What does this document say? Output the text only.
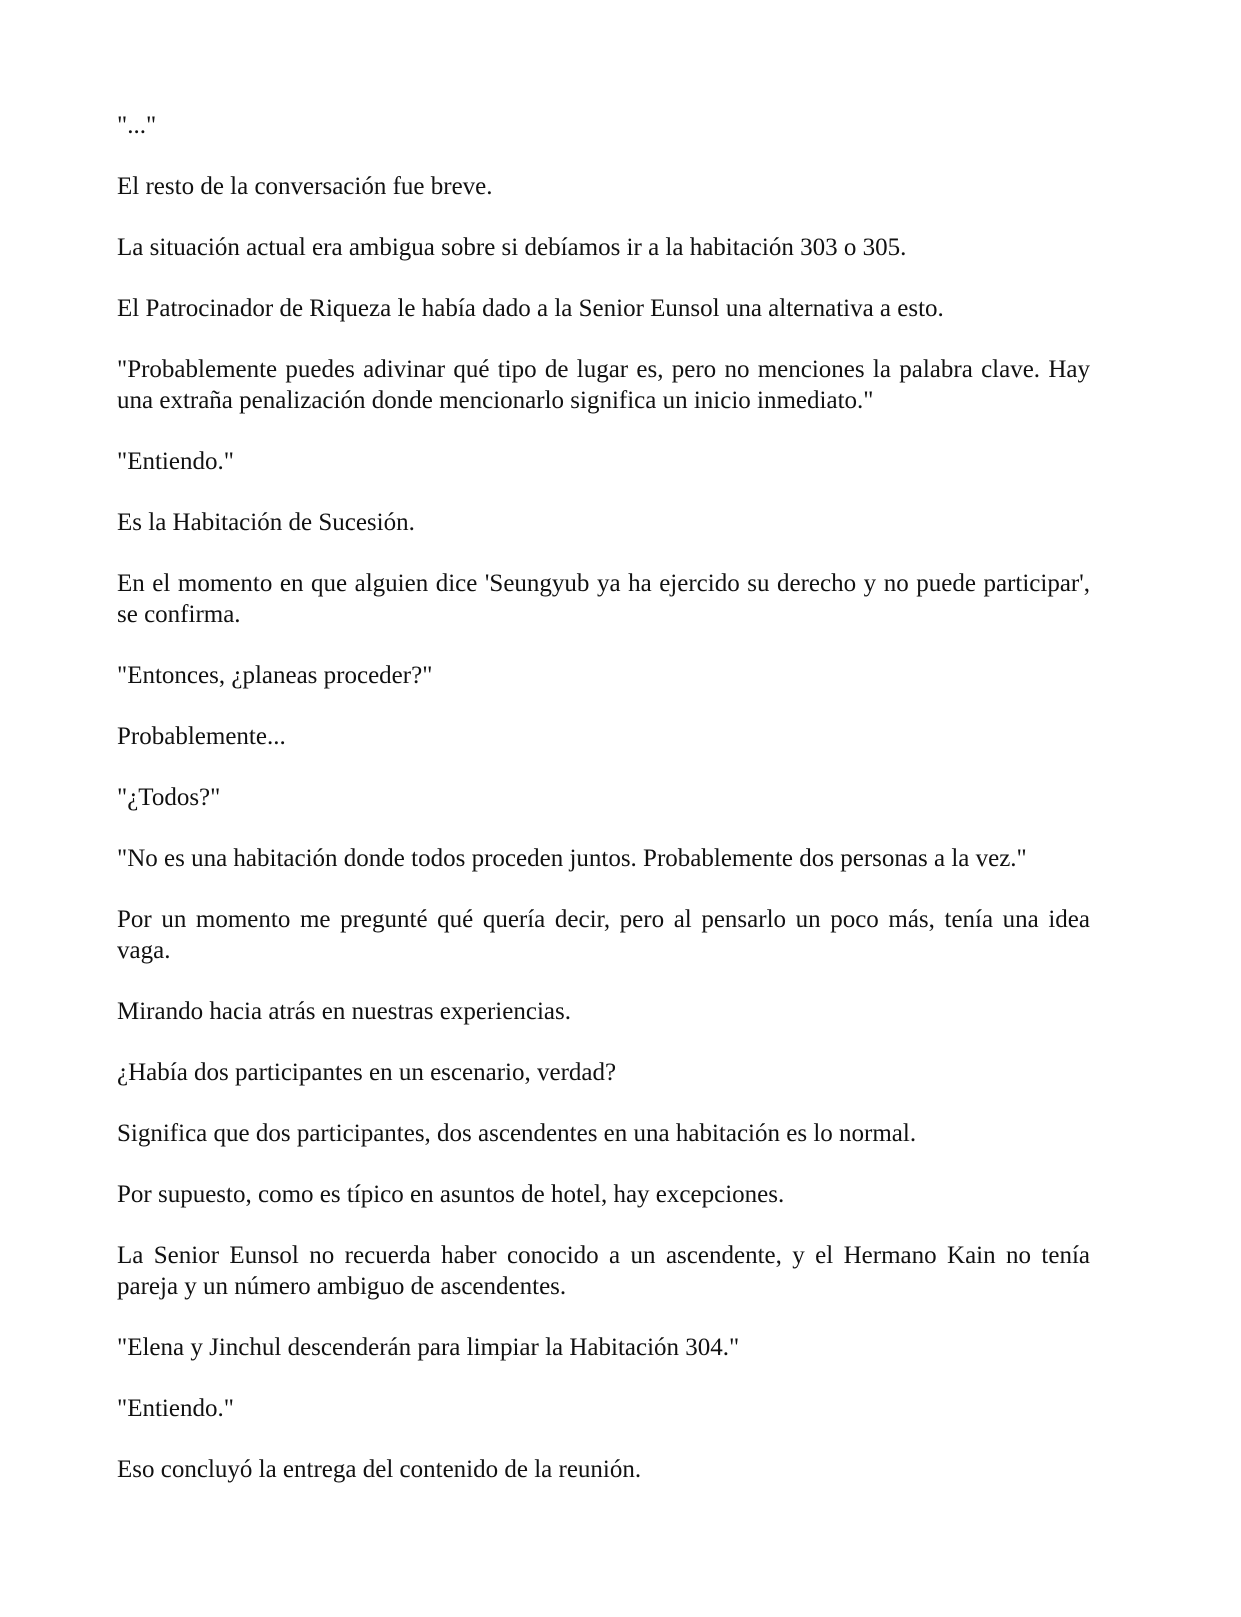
"..."

El resto de la conversación fue breve.

La situación actual era ambigua sobre si debíamos ir a la habitación 303 o 305.

El Patrocinador de Riqueza le había dado a la Senior Eunsol una alternativa a esto.

"Probablemente puedes adivinar qué tipo de lugar es, pero no menciones la palabra clave. Hay una extraña penalización donde mencionarlo significa un inicio inmediato."

"Entiendo."

Es la Habitación de Sucesión.

En el momento en que alguien dice 'Seungyub ya ha ejercido su derecho y no puede participar', se confirma.

"Entonces, ¿planeas proceder?"

Probablemente...

"¿Todos?"

"No es una habitación donde todos proceden juntos. Probablemente dos personas a la vez."

Por un momento me pregunté qué quería decir, pero al pensarlo un poco más, tenía una idea vaga.

Mirando hacia atrás en nuestras experiencias.

¿Había dos participantes en un escenario, verdad?

Significa que dos participantes, dos ascendentes en una habitación es lo normal.

Por supuesto, como es típico en asuntos de hotel, hay excepciones.

La Senior Eunsol no recuerda haber conocido a un ascendente, y el Hermano Kain no tenía pareja y un número ambiguo de ascendentes.

"Elena y Jinchul descenderán para limpiar la Habitación 304."

"Entiendo."

Eso concluyó la entrega del contenido de la reunión.
